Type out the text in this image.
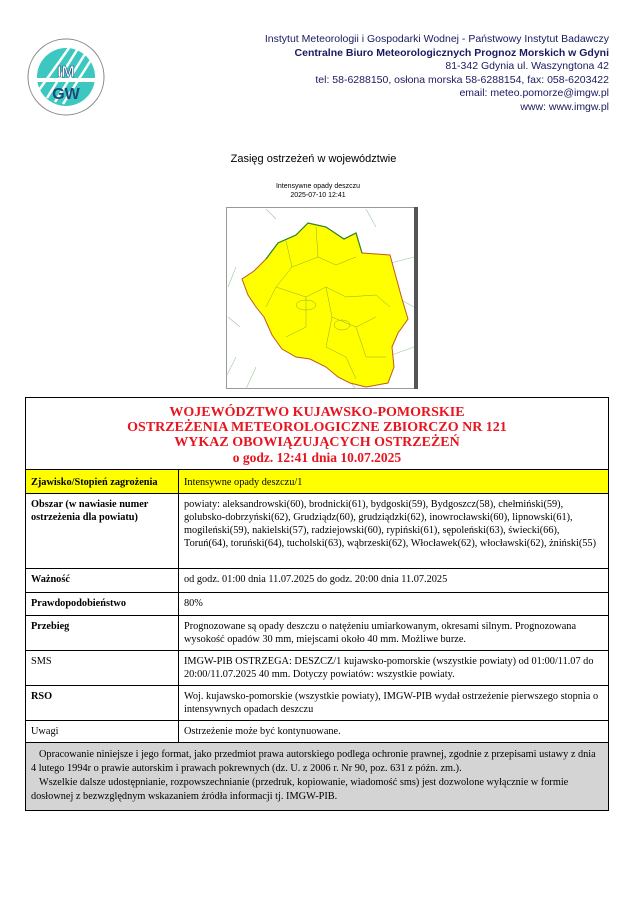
IM
GW
Instytut Meteorologii i Gospodarki Wodnej - Państwowy Instytut Badawczy
Centralne Biuro Meteorologicznych Prognoz Morskich w Gdyni
81-342 Gdynia ul. Waszyngtona 42
tel: 58-6288150, osłona morska 58-6288154, fax: 058-6203422
email: meteo.pomorze@imgw.pl
www: www.imgw.pl
Zasięg ostrzeżeń w województwie
Intensywne opady deszczu
2025-07-10 12:41
WOJEWÓDZTWO KUJAWSKO-POMORSKIE
OSTRZEŻENIA METEOROLOGICZNE ZBIORCZO NR 121
WYKAZ OBOWIĄZUJĄCYCH OSTRZEŻEŃ
o godz. 12:41 dnia 10.07.2025	

Zjawisko/Stopień zagrożenia	Intensywne opady deszczu/1
Obszar (w nawiasie numer ostrzeżenia dla powiatu)	powiaty: aleksandrowski(60), brodnicki(61), bydgoski(59), Bydgoszcz(58), chełmiński(59), golubsko-dobrzyński(62), Grudziądz(60), grudziądzki(62), inowrocławski(60), lipnowski(61), mogileński(59), nakielski(57), radziejowski(60), rypiński(61), sępoleński(63), świecki(66), Toruń(64), toruński(64), tucholski(63), wąbrzeski(62), Włocławek(62), włocławski(62), żniński(55)
Ważność	od godz. 01:00 dnia 11.07.2025 do godz. 20:00 dnia 11.07.2025
Prawdopodobieństwo	80%
Przebieg	Prognozowane są opady deszczu o natężeniu umiarkowanym, okresami silnym. Prognozowana wysokość opadów 30 mm, miejscami około 40 mm. Możliwe burze.
SMS	IMGW-PIB OSTRZEGA: DESZCZ/1 kujawsko-pomorskie (wszystkie powiaty) od 01:00/11.07 do 20:00/11.07.2025 40 mm. Dotyczy powiatów: wszystkie powiaty.
RSO	Woj. kujawsko-pomorskie (wszystkie powiaty), IMGW-PIB wydał ostrzeżenie pierwszego stopnia o intensywnych opadach deszczu
Uwagi	Ostrzeżenie może być kontynuowane.

Opracowanie niniejsze i jego format, jako przedmiot prawa autorskiego podlega ochronie prawnej, zgodnie z przepisami ustawy z dnia 4 lutego 1994r o prawie autorskim i prawach pokrewnych (dz. U. z 2006 r. Nr 90, poz. 631 z późn. zm.).
Wszelkie dalsze udostępnianie, rozpowszechnianie (przedruk, kopiowanie, wiadomość sms) jest dozwolone wyłącznie w formie dosłownej z bezwzględnym wskazaniem źródła informacji tj. IMGW-PIB.	
